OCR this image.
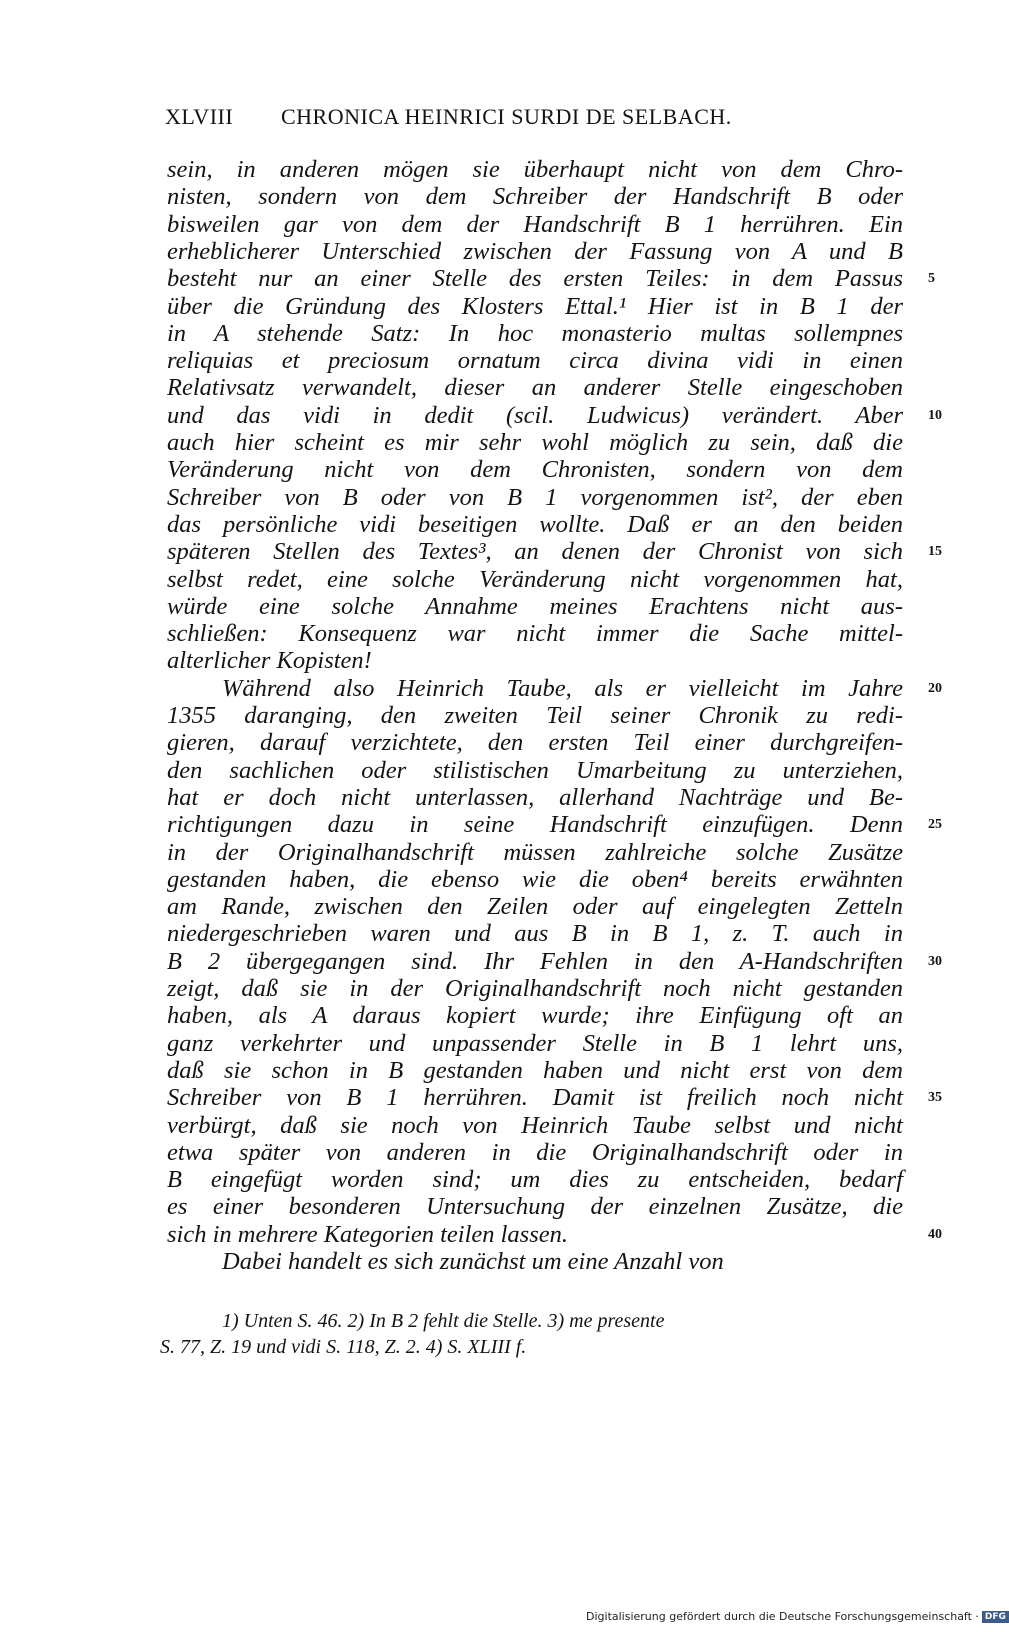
XLVIII CHRONICA HEINRICI SURDI DE SELBACH.
sein, in anderen mögen sie überhaupt nicht von dem Chro-
nisten, sondern von dem Schreiber der Handschrift B oder
bisweilen gar von dem der Handschrift B 1 herrühren. Ein
erheblicherer Unterschied zwischen der Fassung von A und B
besteht nur an einer Stelle des ersten Teiles: in dem Passus
über die Gründung des Klosters Ettal.¹ Hier ist in B 1 der
in A stehende Satz: In hoc monasterio multas sollempnes
reliquias et preciosum ornatum circa divina vidi in einen
Relativsatz verwandelt, dieser an anderer Stelle eingeschoben
und das vidi in dedit (scil. Ludwicus) verändert. Aber
auch hier scheint es mir sehr wohl möglich zu sein, daß die
Veränderung nicht von dem Chronisten, sondern von dem
Schreiber von B oder von B 1 vorgenommen ist², der eben
das persönliche vidi beseitigen wollte. Daß er an den beiden
späteren Stellen des Textes³, an denen der Chronist von sich
selbst redet, eine solche Veränderung nicht vorgenommen hat,
würde eine solche Annahme meines Erachtens nicht aus-
schließen: Konsequenz war nicht immer die Sache mittel-
alterlicher Kopisten!
Während also Heinrich Taube, als er vielleicht im Jahre
1355 daranging, den zweiten Teil seiner Chronik zu redi-
gieren, darauf verzichtete, den ersten Teil einer durchgreifen-
den sachlichen oder stilistischen Umarbeitung zu unterziehen,
hat er doch nicht unterlassen, allerhand Nachträge und Be-
richtigungen dazu in seine Handschrift einzufügen. Denn
in der Originalhandschrift müssen zahlreiche solche Zusätze
gestanden haben, die ebenso wie die oben⁴ bereits erwähnten
am Rande, zwischen den Zeilen oder auf eingelegten Zetteln
niedergeschrieben waren und aus B in B 1, z. T. auch in
B 2 übergegangen sind. Ihr Fehlen in den A-Handschriften
zeigt, daß sie in der Originalhandschrift noch nicht gestanden
haben, als A daraus kopiert wurde; ihre Einfügung oft an
ganz verkehrter und unpassender Stelle in B 1 lehrt uns,
daß sie schon in B gestanden haben und nicht erst von dem
Schreiber von B 1 herrühren. Damit ist freilich noch nicht
verbürgt, daß sie noch von Heinrich Taube selbst und nicht
etwa später von anderen in die Originalhandschrift oder in
B eingefügt worden sind; um dies zu entscheiden, bedarf
es einer besonderen Untersuchung der einzelnen Zusätze, die
sich in mehrere Kategorien teilen lassen.
Dabei handelt es sich zunächst um eine Anzahl von
5
10
15
20
25
30
35
40
1) Unten S. 46. 2) In B 2 fehlt die Stelle. 3) me presente
S. 77, Z. 19 und vidi S. 118, Z. 2. 4) S. XLIII f.
Digitalisierung gefördert durch die Deutsche Forschungsgemeinschaft · DFG
